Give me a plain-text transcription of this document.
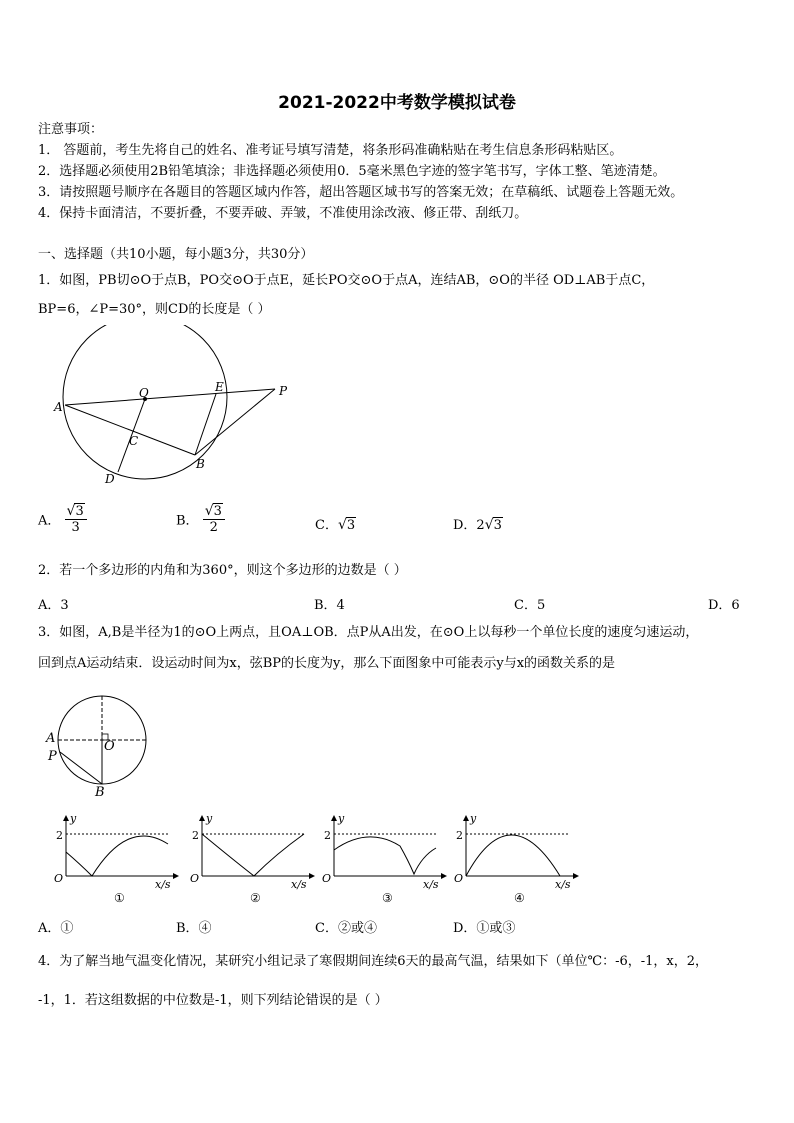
2021-2022中考数学模拟试卷
注意事项：
1． 答题前，考生先将自己的姓名、准考证号填写清楚，将条形码准确粘贴在考生信息条形码粘贴区。
2．选择题必须使用2B铅笔填涂；非选择题必须使用0．5毫米黑色字迹的签字笔书写，字体工整、笔迹清楚。
3．请按照题号顺序在各题目的答题区域内作答，超出答题区域书写的答案无效；在草稿纸、试题卷上答题无效。
4．保持卡面清洁，不要折叠，不要弄破、弄皱，不准使用涂改液、修正带、刮纸刀。
一、选择题（共10小题，每小题3分，共30分）
1．如图，PB切⊙O于点B，PO交⊙O于点E，延长PO交⊙O于点A，连结AB，⊙O的半径 OD⊥AB于点C，
BP=6，∠P=30°，则CD的长度是（ ）
A
O	E	P
C
B
D
A． $\frac{√3}{3}$	B． $\frac{√3}{2}$	C．√3	D．2√3
2．若一个多边形的内角和为360°，则这个多边形的边数是（ ）
A．3	B．4	C．5	D．6
3．如图，A,B是半径为1的⊙O上两点，且OA⊥OB．点P从A出发，在⊙O上以每秒一个单位长度的速度匀速运动，
回到点A运动结束．设运动时间为x，弦BP的长度为y，那么下面图象中可能表示y与x的函数关系的是
A
P
O
B
y
2
O	x/s
①
y
2
O	x/s
②
y
2
O	x/s
③
y
2
O	x/s
④
A．①	B．④	C．②或④	D．①或③
4．为了解当地气温变化情况，某研究小组记录了寒假期间连续6天的最高气温，结果如下（单位℃：-6，-1，x，2，
-1，1．若这组数据的中位数是-1，则下列结论错误的是（ ）
